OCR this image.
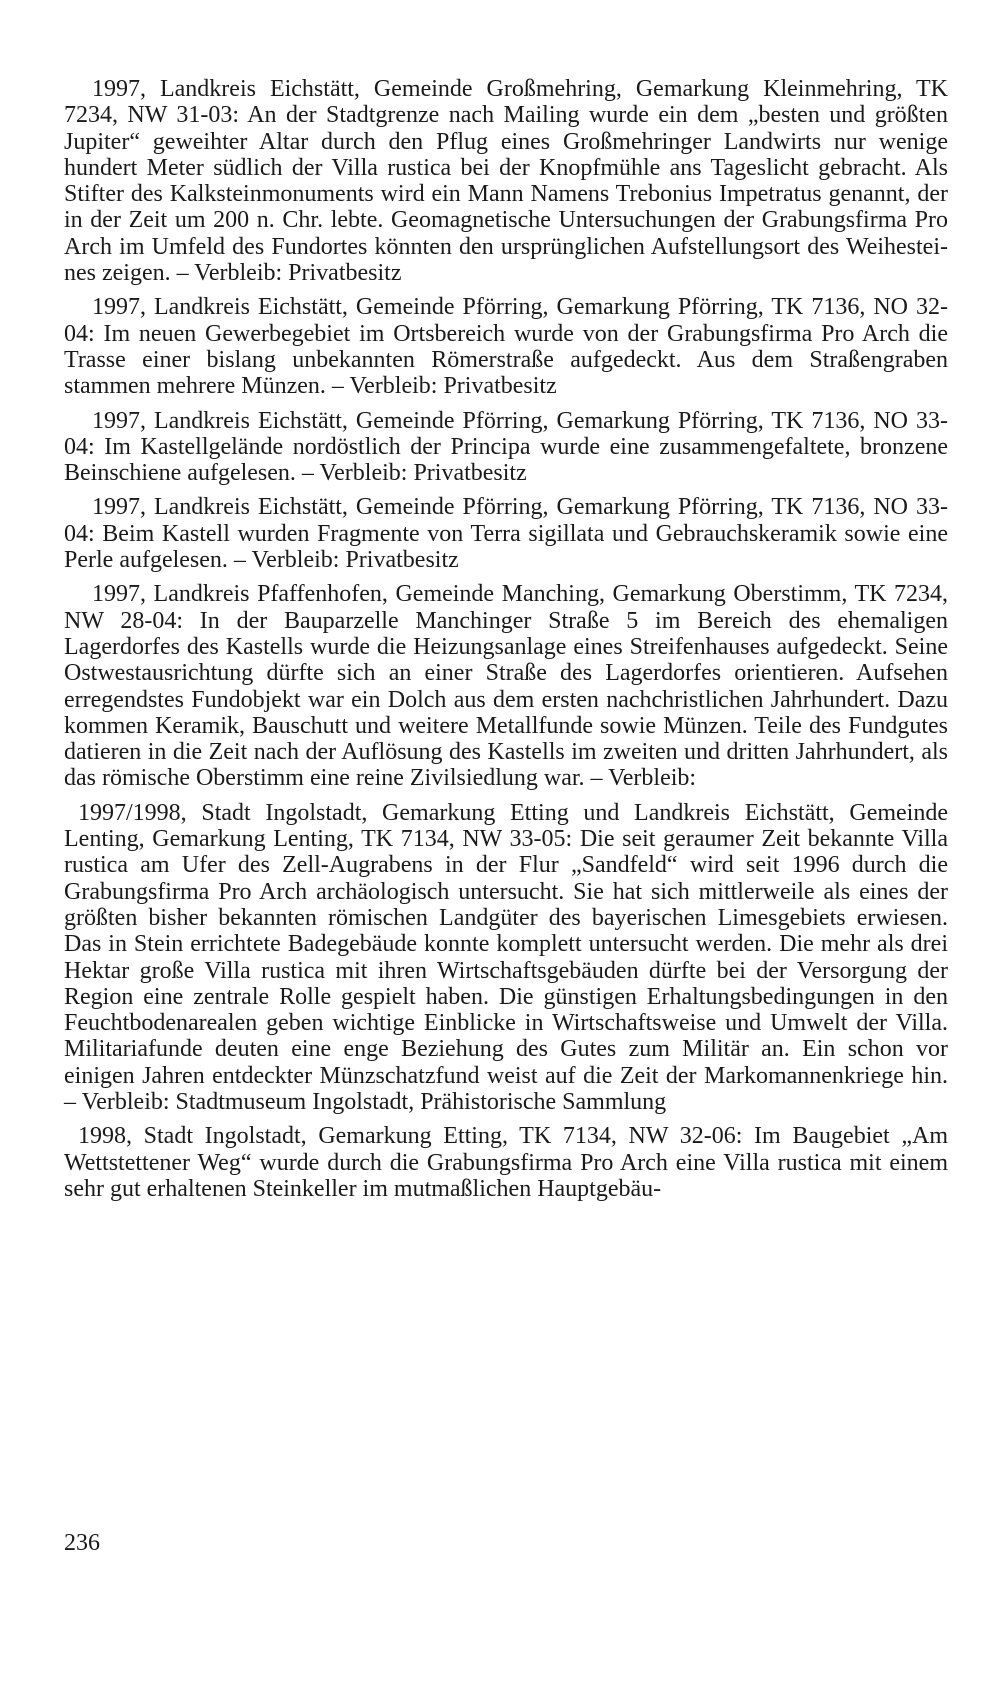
1997, Landkreis Eichstätt, Gemeinde Großmehring, Gemarkung Kleinmehring, TK 7234, NW 31-03: An der Stadtgrenze nach Mailing wurde ein dem „besten und größten Jupiter“ geweihter Altar durch den Pflug eines Großmehringer Landwirts nur wenige hundert Meter südlich der Villa rustica bei der Knopfmühle ans Tageslicht gebracht. Als Stifter des Kalksteinmonuments wird ein Mann Namens Trebonius Impetratus genannt, der in der Zeit um 200 n. Chr. lebte. Geomagnetische Untersuchungen der Grabungsfirma Pro Arch im Umfeld des Fundortes könnten den ursprünglichen Aufstellungsort des Weihesteines zeigen. – Verbleib: Privatbesitz

1997, Landkreis Eichstätt, Gemeinde Pförring, Gemarkung Pförring, TK 7136, NO 32-04: Im neuen Gewerbegebiet im Ortsbereich wurde von der Grabungsfirma Pro Arch die Trasse einer bislang unbekannten Römerstraße aufgedeckt. Aus dem Straßengraben stammen mehrere Münzen. – Verbleib: Privatbesitz

1997, Landkreis Eichstätt, Gemeinde Pförring, Gemarkung Pförring, TK 7136, NO 33-04: Im Kastellgelände nordöstlich der Principa wurde eine zusammengefaltete, bronzene Beinschiene aufgelesen. – Verbleib: Privatbesitz

1997, Landkreis Eichstätt, Gemeinde Pförring, Gemarkung Pförring, TK 7136, NO 33-04: Beim Kastell wurden Fragmente von Terra sigillata und Gebrauchskeramik sowie eine Perle aufgelesen. – Verbleib: Privatbesitz

1997, Landkreis Pfaffenhofen, Gemeinde Manching, Gemarkung Oberstimm, TK 7234, NW 28-04: In der Bauparzelle Manchinger Straße 5 im Bereich des ehemaligen Lagerdorfes des Kastells wurde die Heizungsanlage eines Streifenhauses aufgedeckt. Seine Ostwestausrichtung dürfte sich an einer Straße des Lagerdorfes orientieren. Aufsehen erregendstes Fundobjekt war ein Dolch aus dem ersten nachchristlichen Jahrhundert. Dazu kommen Keramik, Bauschutt und weitere Metallfunde sowie Münzen. Teile des Fundgutes datieren in die Zeit nach der Auflösung des Kastells im zweiten und dritten Jahrhundert, als das römische Oberstimm eine reine Zivilsiedlung war. – Verbleib:

1997/1998, Stadt Ingolstadt, Gemarkung Etting und Landkreis Eichstätt, Gemeinde Lenting, Gemarkung Lenting, TK 7134, NW 33-05: Die seit geraumer Zeit bekannte Villa rustica am Ufer des Zell-Augrabens in der Flur „Sandfeld“ wird seit 1996 durch die Grabungsfirma Pro Arch archäologisch untersucht. Sie hat sich mittlerweile als eines der größten bisher bekannten römischen Landgüter des bayerischen Limesgebiets erwiesen. Das in Stein errichtete Badegebäude konnte komplett untersucht werden. Die mehr als drei Hektar große Villa rustica mit ihren Wirtschaftsgebäuden dürfte bei der Versorgung der Region eine zentrale Rolle gespielt haben. Die günstigen Erhaltungsbedingungen in den Feuchtbodenarealen geben wichtige Einblicke in Wirtschaftsweise und Umwelt der Villa. Militariafunde deuten eine enge Beziehung des Gutes zum Militär an. Ein schon vor einigen Jahren entdeckter Münzschatzfund weist auf die Zeit der Markomannenkriege hin. – Verbleib: Stadtmuseum Ingolstadt, Prähistorische Sammlung

1998, Stadt Ingolstadt, Gemarkung Etting, TK 7134, NW 32-06: Im Baugebiet „Am Wettstettener Weg“ wurde durch die Grabungsfirma Pro Arch eine Villa rustica mit einem sehr gut erhaltenen Steinkeller im mutmaßlichen Hauptgebäu-

236
